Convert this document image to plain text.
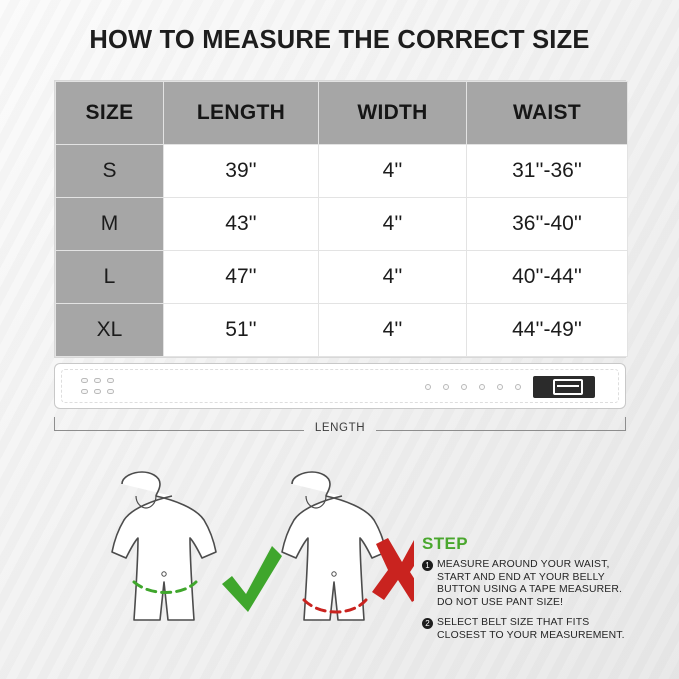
HOW TO MEASURE THE CORRECT SIZE
SIZE	LENGTH	WIDTH	WAIST
S	39''	4''	31''-36''
M	43''	4''	36''-40''
L	47''	4''	40''-44''
XL	51''	4''	44''-49''
LENGTH
STEP
1 MEASURE AROUND YOUR WAIST, START AND END AT YOUR BELLY BUTTON USING A TAPE MEASURER. DO NOT USE PANT SIZE!
2 SELECT BELT SIZE THAT FITS CLOSEST TO YOUR MEASUREMENT.
